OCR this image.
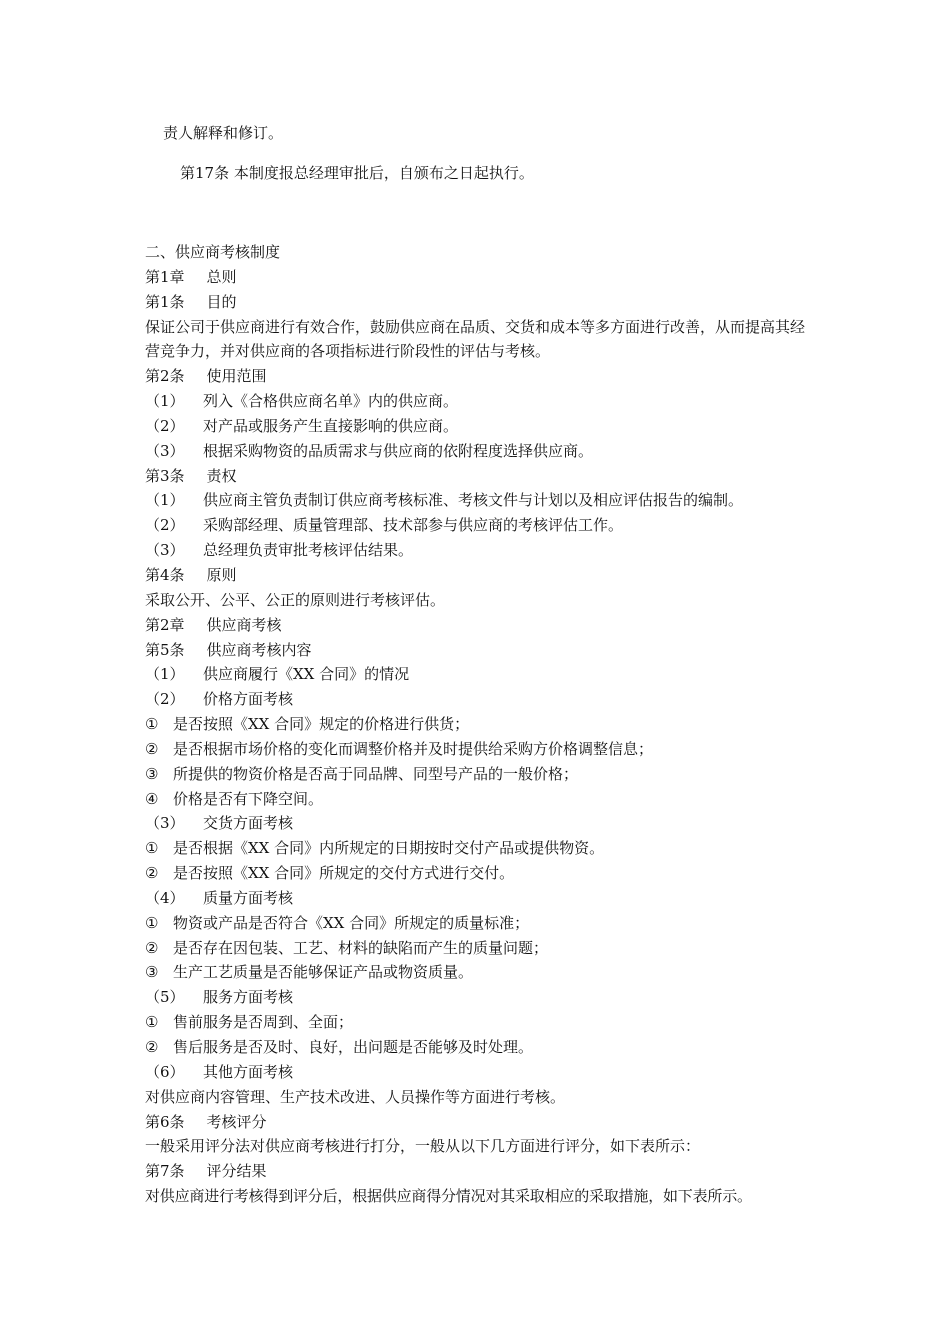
责人解释和修订。
第17条 本制度报总经理审批后，自颁布之日起执行。
二、供应商考核制度
第1章 总则
第1条 目的
保证公司于供应商进行有效合作，鼓励供应商在品质、交货和成本等多方面进行改善，从而提高其经营竞争力，并对供应商的各项指标进行阶段性的评估与考核。
第2条 使用范围
（1） 列入《合格供应商名单》内的供应商。
（2） 对产品或服务产生直接影响的供应商。
（3） 根据采购物资的品质需求与供应商的依附程度选择供应商。
第3条 责权
（1） 供应商主管负责制订供应商考核标准、考核文件与计划以及相应评估报告的编制。
（2） 采购部经理、质量管理部、技术部参与供应商的考核评估工作。
（3） 总经理负责审批考核评估结果。
第4条 原则
采取公开、公平、公正的原则进行考核评估。
第2章 供应商考核
第5条 供应商考核内容
（1） 供应商履行《XX 合同》的情况
（2） 价格方面考核
① 是否按照《XX 合同》规定的价格进行供货；
② 是否根据市场价格的变化而调整价格并及时提供给采购方价格调整信息；
③ 所提供的物资价格是否高于同品牌、同型号产品的一般价格；
④ 价格是否有下降空间。
（3） 交货方面考核
① 是否根据《XX 合同》内所规定的日期按时交付产品或提供物资。
② 是否按照《XX 合同》所规定的交付方式进行交付。
（4） 质量方面考核
① 物资或产品是否符合《XX 合同》所规定的质量标准；
② 是否存在因包装、工艺、材料的缺陷而产生的质量问题；
③ 生产工艺质量是否能够保证产品或物资质量。
（5） 服务方面考核
① 售前服务是否周到、全面；
② 售后服务是否及时、良好，出问题是否能够及时处理。
（6） 其他方面考核
对供应商内容管理、生产技术改进、人员操作等方面进行考核。
第6条 考核评分
一般采用评分法对供应商考核进行打分，一般从以下几方面进行评分，如下表所示：
第7条 评分结果
对供应商进行考核得到评分后，根据供应商得分情况对其采取相应的采取措施，如下表所示。
